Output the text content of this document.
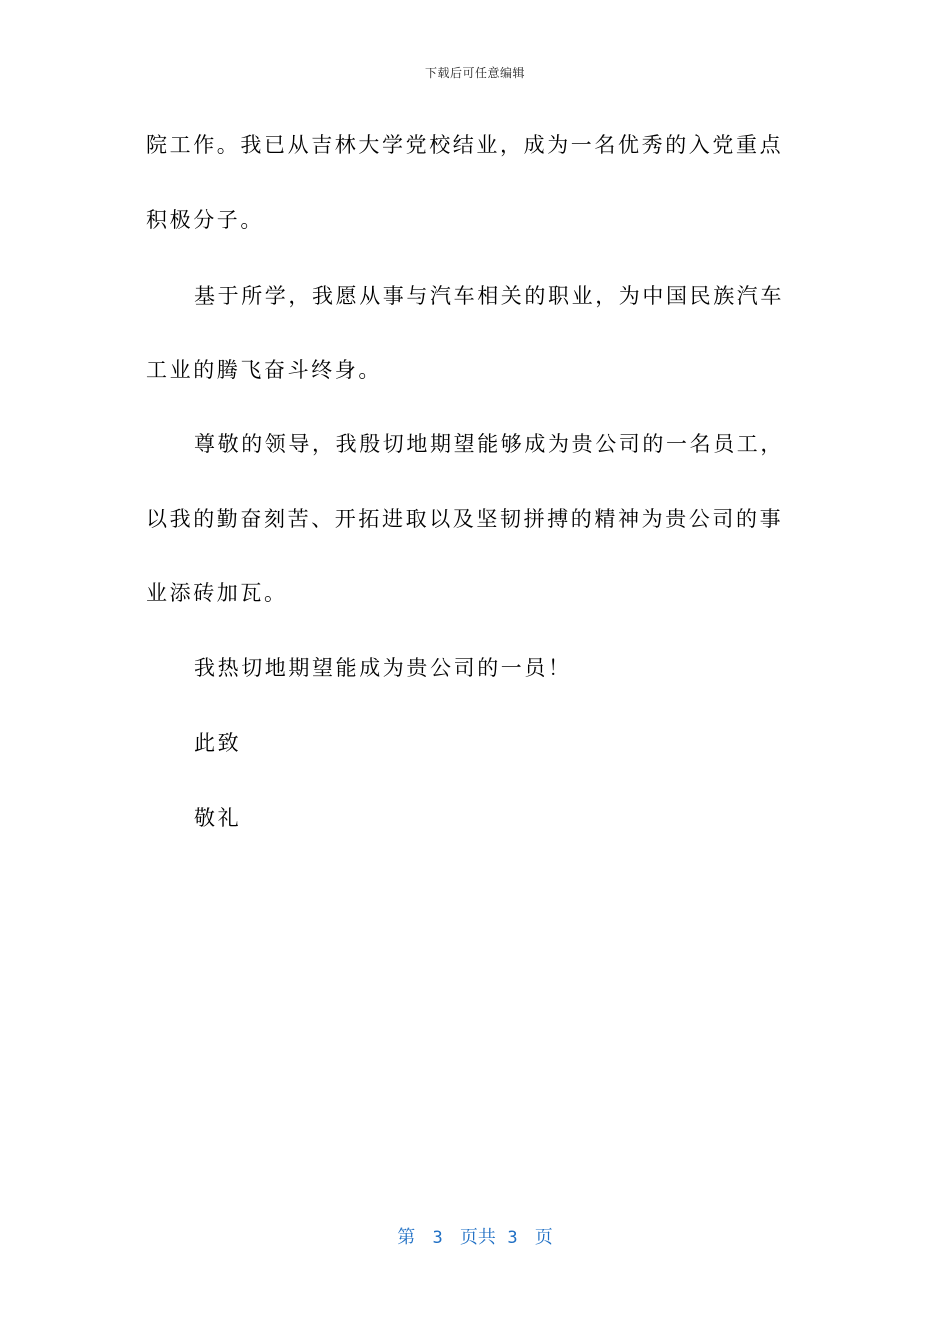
下载后可任意编辑
院工作。我已从吉林大学党校结业，成为一名优秀的入党重点
积极分子。
基于所学，我愿从事与汽车相关的职业，为中国民族汽车
工业的腾飞奋斗终身。
尊敬的领导，我殷切地期望能够成为贵公司的一名员工，
以我的勤奋刻苦、开拓进取以及坚韧拼搏的精神为贵公司的事
业添砖加瓦。
我热切地期望能成为贵公司的一员！
此致
敬礼
第 3 页共 3 页
